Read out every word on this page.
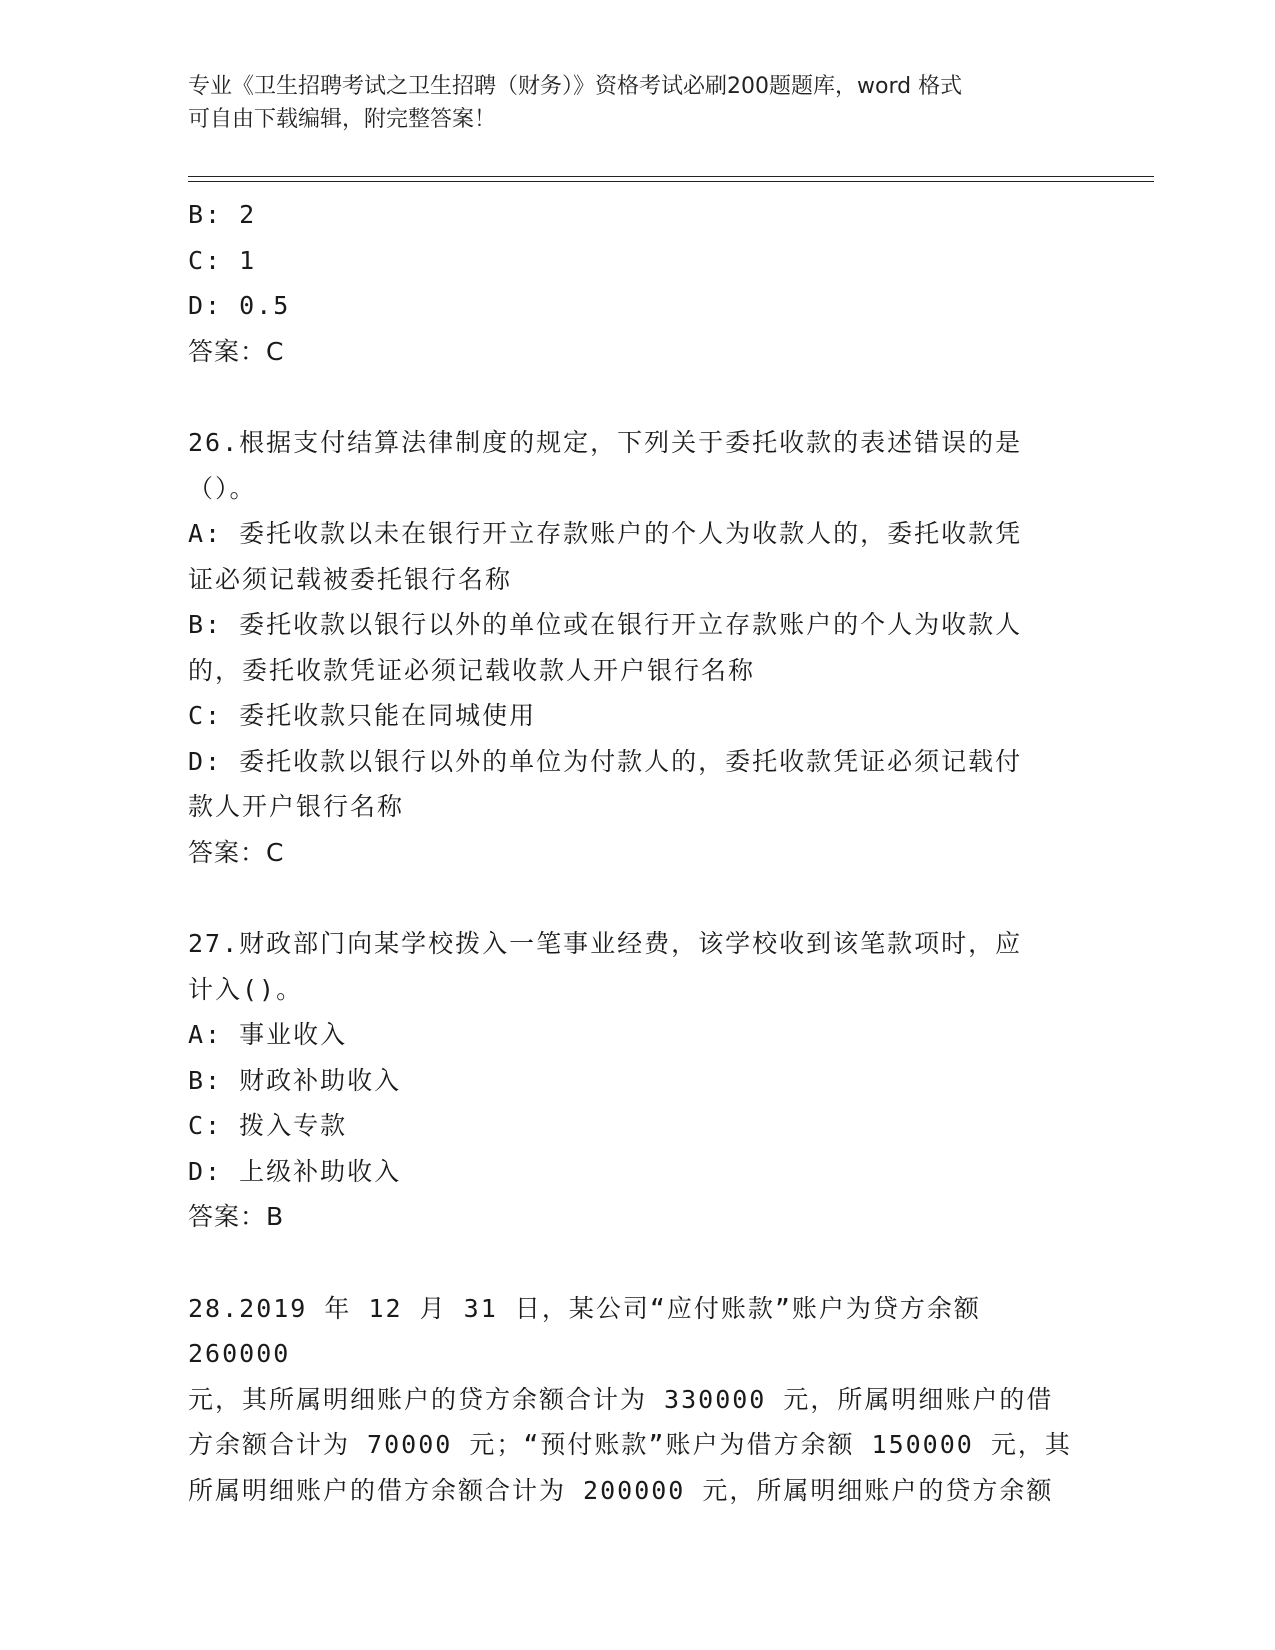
专业《卫生招聘考试之卫生招聘（财务）》资格考试必刷200题题库，word 格式
可自由下载编辑，附完整答案！
B: 2
C: 1
D: 0.5
答案：C
26.根据支付结算法律制度的规定，下列关于委托收款的表述错误的是
（）。
A: 委托收款以未在银行开立存款账户的个人为收款人的，委托收款凭
证必须记载被委托银行名称
B: 委托收款以银行以外的单位或在银行开立存款账户的个人为收款人
的，委托收款凭证必须记载收款人开户银行名称
C: 委托收款只能在同城使用
D: 委托收款以银行以外的单位为付款人的，委托收款凭证必须记载付
款人开户银行名称
答案：C
27.财政部门向某学校拨入一笔事业经费，该学校收到该笔款项时，应
计入()。
A: 事业收入
B: 财政补助收入
C: 拨入专款
D: 上级补助收入
答案：B
28.2019 年 12 月 31 日，某公司“应付账款”账户为贷方余额 260000
元，其所属明细账户的贷方余额合计为 330000 元，所属明细账户的借
方余额合计为 70000 元；“预付账款”账户为借方余额 150000 元，其
所属明细账户的借方余额合计为 200000 元，所属明细账户的贷方余额
